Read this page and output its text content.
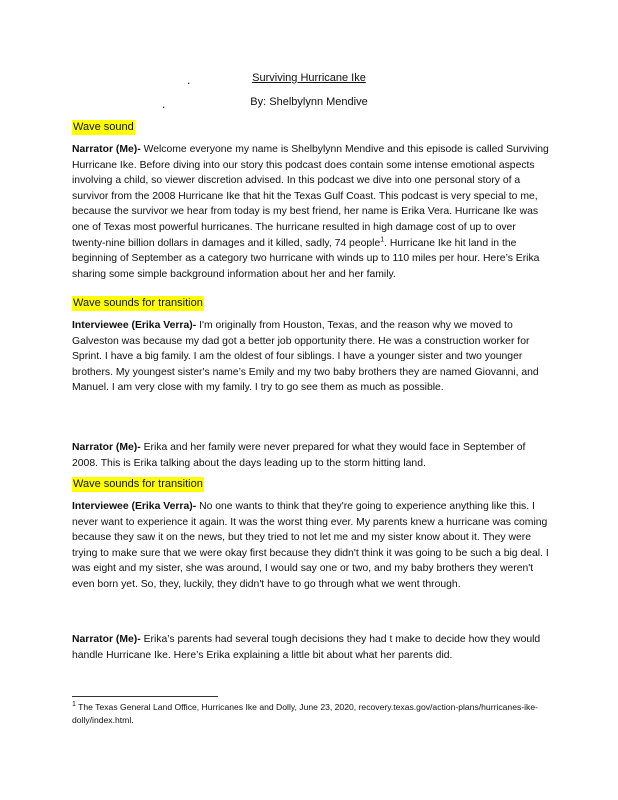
.
.
Surviving Hurricane Ike
By: Shelbylynn Mendive
Wave sound

Narrator (Me)- Welcome everyone my name is Shelbylynn Mendive and this episode is called Surviving Hurricane Ike. Before diving into our story this podcast does contain some intense emotional aspects involving a child, so viewer discretion advised. In this podcast we dive into one personal story of a survivor from the 2008 Hurricane Ike that hit the Texas Gulf Coast. This podcast is very special to me, because the survivor we hear from today is my best friend, her name is Erika Vera. Hurricane Ike was one of Texas most powerful hurricanes. The hurricane resulted in high damage cost of up to over twenty-nine billion dollars in damages and it killed, sadly, 74 people$^1$. Hurricane Ike hit land in the beginning of September as a category two hurricane with winds up to 110 miles per hour. Here’s Erika sharing some simple background information about her and her family.

Wave sounds for transition

Interviewee (Erika Verra)- I'm originally from Houston, Texas, and the reason why we moved to Galveston was because my dad got a better job opportunity there. He was a construction worker for Sprint. I have a big family. I am the oldest of four siblings. I have a younger sister and two younger brothers. My youngest sister's name’s Emily and my two baby brothers they are named Giovanni, and Manuel. I am very close with my family. I try to go see them as much as possible.

Narrator (Me)- Erika and her family were never prepared for what they would face in September of 2008. This is Erika talking about the days leading up to the storm hitting land.

Wave sounds for transition

Interviewee (Erika Verra)- No one wants to think that they're going to experience anything like this. I never want to experience it again. It was the worst thing ever. My parents knew a hurricane was coming because they saw it on the news, but they tried to not let me and my sister know about it. They were trying to make sure that we were okay first because they didn't think it was going to be such a big deal. I was eight and my sister, she was around, I would say one or two, and my baby brothers they weren't even born yet. So, they, luckily, they didn't have to go through what we went through.

Narrator (Me)- Erika’s parents had several tough decisions they had t make to decide how they would handle Hurricane Ike. Here’s Erika explaining a little bit about what her parents did.

$^1$ The Texas General Land Office, Hurricanes Ike and Dolly, June 23, 2020, recovery.texas.gov/action-plans/hurricanes-ike-dolly/index.html.
